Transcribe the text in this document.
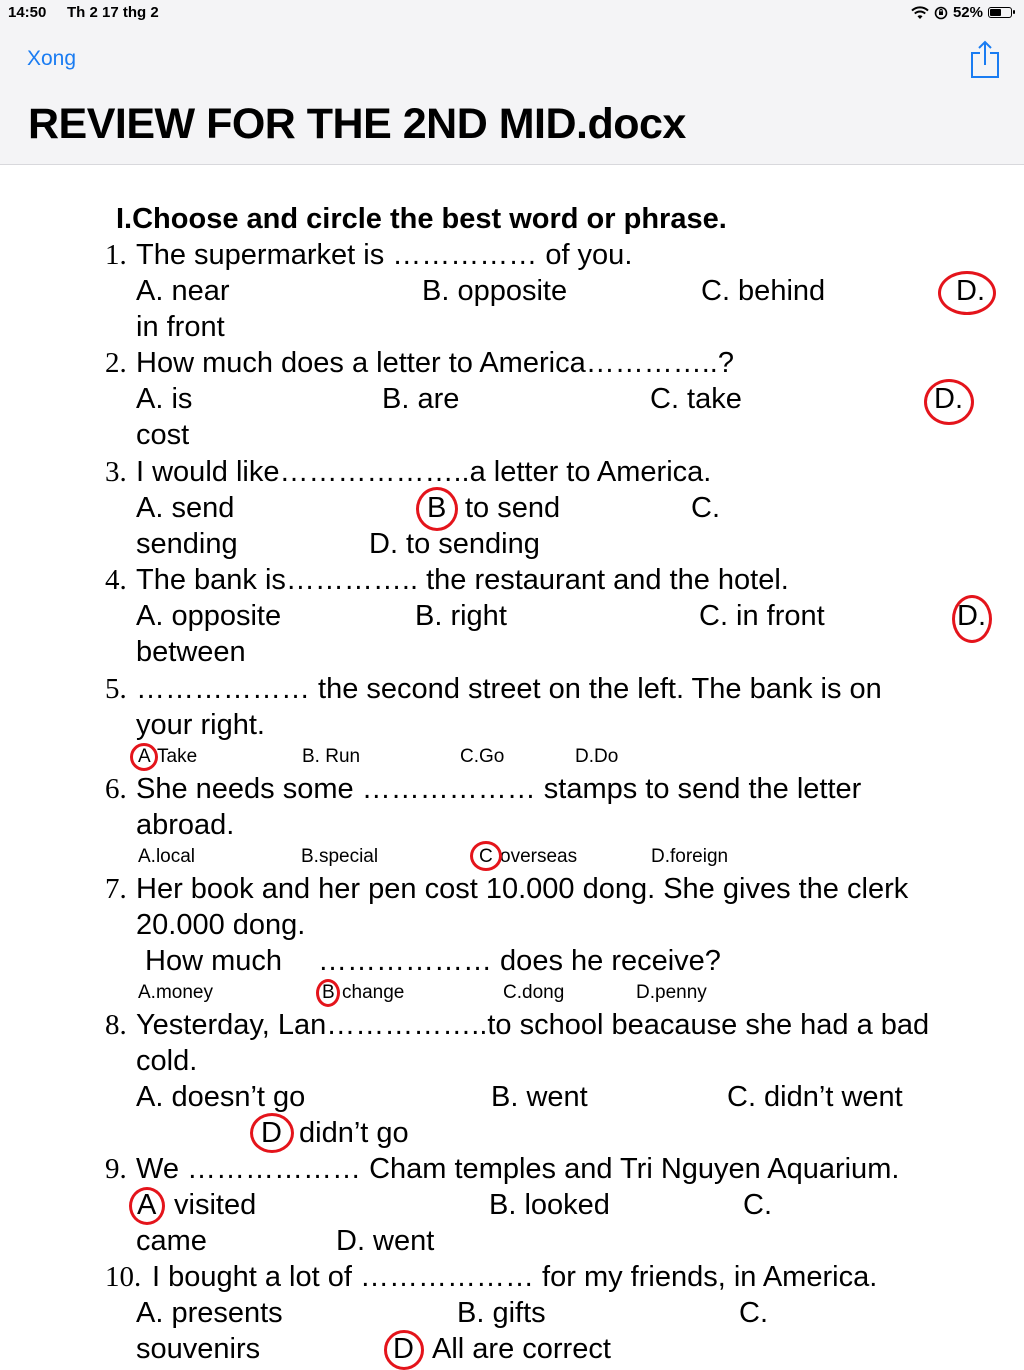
14:50 Th 2 17 thg 2	52%
Xong
REVIEW FOR THE 2ND MID.docx
I.Choose and circle the best word or phrase.
1. The supermarket is …………… of you.
A. near	B. opposite	C. behind	D.
in front
2. How much does a letter to America…………..?
A. is	B. are	C. take	D.
cost
3. I would like………………..a letter to America.
A. send	B to send	C.
sending	D. to sending
4. The bank is………….. the restaurant and the hotel.
A. opposite	B. right	C. in front	D.
between
5. ……………… the second street on the left. The bank is on
your right.
A Take	B. Run	C.Go	D.Do
6. She needs some ……………… stamps to send the letter
abroad.
A.local	B.special	C overseas	D.foreign
7. Her book and her pen cost 10.000 dong. She gives the clerk
20.000 dong.
How much ……………… does he receive?
A.money	B change	C.dong	D.penny
8. Yesterday, Lan……………..to school beacause she had a bad
cold.
A. doesn’t go	B. went	C. didn’t went
D didn’t go
9. We ……………… Cham temples and Tri Nguyen Aquarium.
A visited	B. looked	C.
came	D. went
10. I bought a lot of ……………… for my friends, in America.
A. presents	B. gifts	C.
souvenirs	D All are correct
